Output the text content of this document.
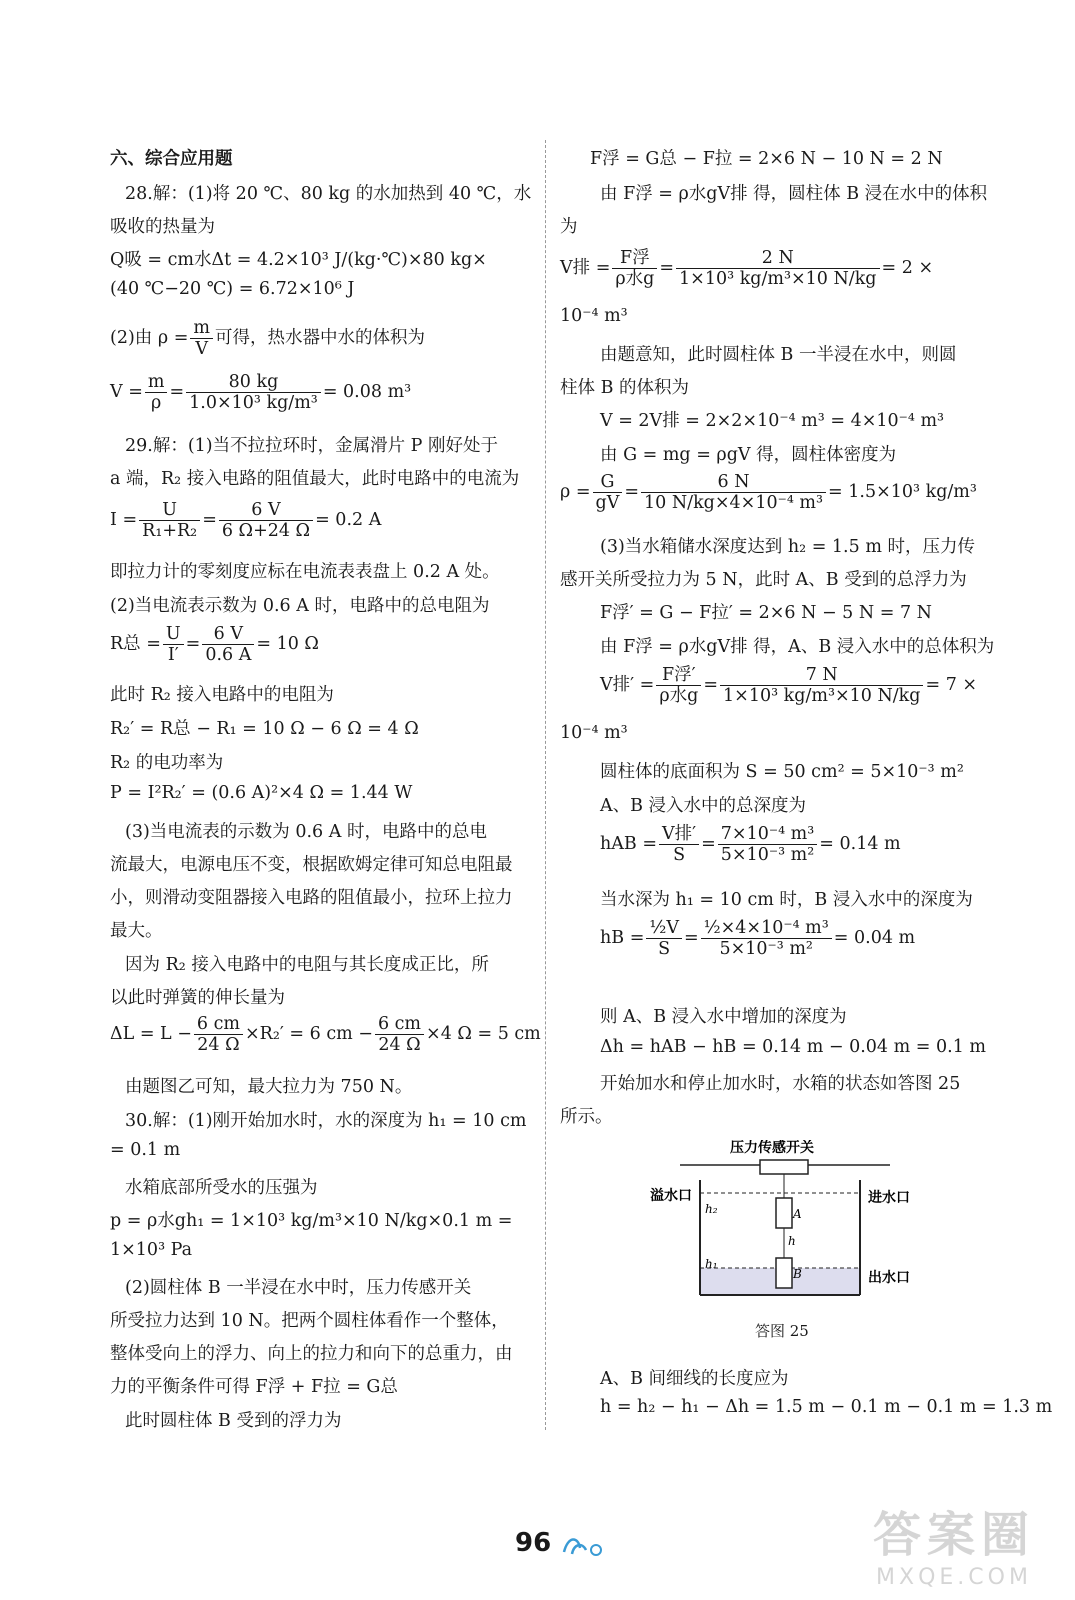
六、综合应用题
28.解：(1)将 20 ℃、80 kg 的水加热到 40 ℃，水
吸收的热量为
Q吸 = cm水Δt = 4.2×10³ J/(kg·℃)×80 kg×
(40 ℃−20 ℃) = 6.72×10⁶ J
(2)由 $\rho = \frac{m}{V}$ 可得，热水器中水的体积为
$V = \frac{m}{\rho} = \frac{80 kg}{\text{1.0×10³ kg/m³}} = 0.08$ m³
29.解：(1)当不拉拉环时，金属滑片 P 刚好处于
a 端，R₂ 接入电路的阻值最大，此时电路中的电流为
$I = \frac{U}{\text{R₁+R₂}} = \frac{6 V}{6 \Omega+24 \Omega} = 0.2$ A
即拉力计的零刻度应标在电流表表盘上 0.2 A 处。
(2)当电流表示数为 0.6 A 时，电路中的总电阻为
R总 = $\frac{U}{I'} = \frac{6 V}{0.6 A} = 10$ Ω
此时 R₂ 接入电路中的电阻为
R₂′ = R总 − R₁ = 10 Ω − 6 Ω = 4 Ω
R₂ 的电功率为
P = I²R₂′ = (0.6 A)²×4 Ω = 1.44 W
(3)当电流表的示数为 0.6 A 时，电路中的总电
流最大，电源电压不变，根据欧姆定律可知总电阻最
小，则滑动变阻器接入电路的阻值最小，拉环上拉力
最大。
因为 R₂ 接入电路中的电阻与其长度成正比，所
以此时弹簧的伸长量为
$\Delta L = L - \frac{6 cm}{24 \Omega} \times R_2' = 6$ cm − $\frac{6 cm}{24 \Omega} \times 4$ Ω = 5 cm
由题图乙可知，最大拉力为 750 N。
30.解：(1)刚开始加水时，水的深度为 h₁ = 10 cm
= 0.1 m
水箱底部所受水的压强为
p = ρ水gh₁ = 1×10³ kg/m³×10 N/kg×0.1 m =
1×10³ Pa
(2)圆柱体 B 一半浸在水中时，压力传感开关
所受拉力达到 10 N。把两个圆柱体看作一个整体，
整体受向上的浮力、向上的拉力和向下的总重力，由
力的平衡条件可得 F浮 + F拉 = G总
此时圆柱体 B 受到的浮力为
F浮 = G总 − F拉 = 2×6 N − 10 N = 2 N
由 F浮 = ρ水gV排 得，圆柱体 B 浸在水中的体积
为
V排 = $\frac{\text{F浮}}{\text{ρ水g}} = \frac{2 N}{\text{1×10³ kg/m³×10 N/kg}} = 2$ ×
10⁻⁴ m³
由题意知，此时圆柱体 B 一半浸在水中，则圆
柱体 B 的体积为
V = 2V排 = 2×2×10⁻⁴ m³ = 4×10⁻⁴ m³
由 G = mg = ρgV 得，圆柱体密度为
$\rho = \frac{G}{gV} = \frac{6 N}{\text{10 N/kg×4×10⁻⁴ m³}} = 1.5\times 10^3$ kg/m³
(3)当水箱储水深度达到 h₂ = 1.5 m 时，压力传
感开关所受拉力为 5 N，此时 A、B 受到的总浮力为
F浮′ = G − F拉′ = 2×6 N − 5 N = 7 N
由 F浮 = ρ水gV排 得，A、B 浸入水中的总体积为
V排′ = $\frac{\text{F浮′}}{\text{ρ水g}} = \frac{7 N}{\text{1×10³ kg/m³×10 N/kg}} = 7$ ×
10⁻⁴ m³
圆柱体的底面积为 S = 50 cm² = 5×10⁻³ m²
A、B 浸入水中的总深度为
hAB = $\frac{\text{V排′}}{S} = \frac{\text{7×10⁻⁴ m³}}{\text{5×10⁻³ m²}} = 0.14$ m
当水深为 h₁ = 10 cm 时，B 浸入水中的深度为
hB = $\frac{\text{½V}}{S} = \frac{\text{½×4×10⁻⁴ m³}}{\text{5×10⁻³ m²}} = 0.04$ m
则 A、B 浸入水中增加的深度为
Δh = hAB − hB = 0.14 m − 0.04 m = 0.1 m
开始加水和停止加水时，水箱的状态如答图 25
所示。
A、B 间细线的长度应为
h = h₂ − h₁ − Δh = 1.5 m − 0.1 m − 0.1 m = 1.3 m
压力传感开关
溢水口	进水口
出水口
h₂
h₁
h
A
B
答图 25
96	答案圈
MXQE.COM
